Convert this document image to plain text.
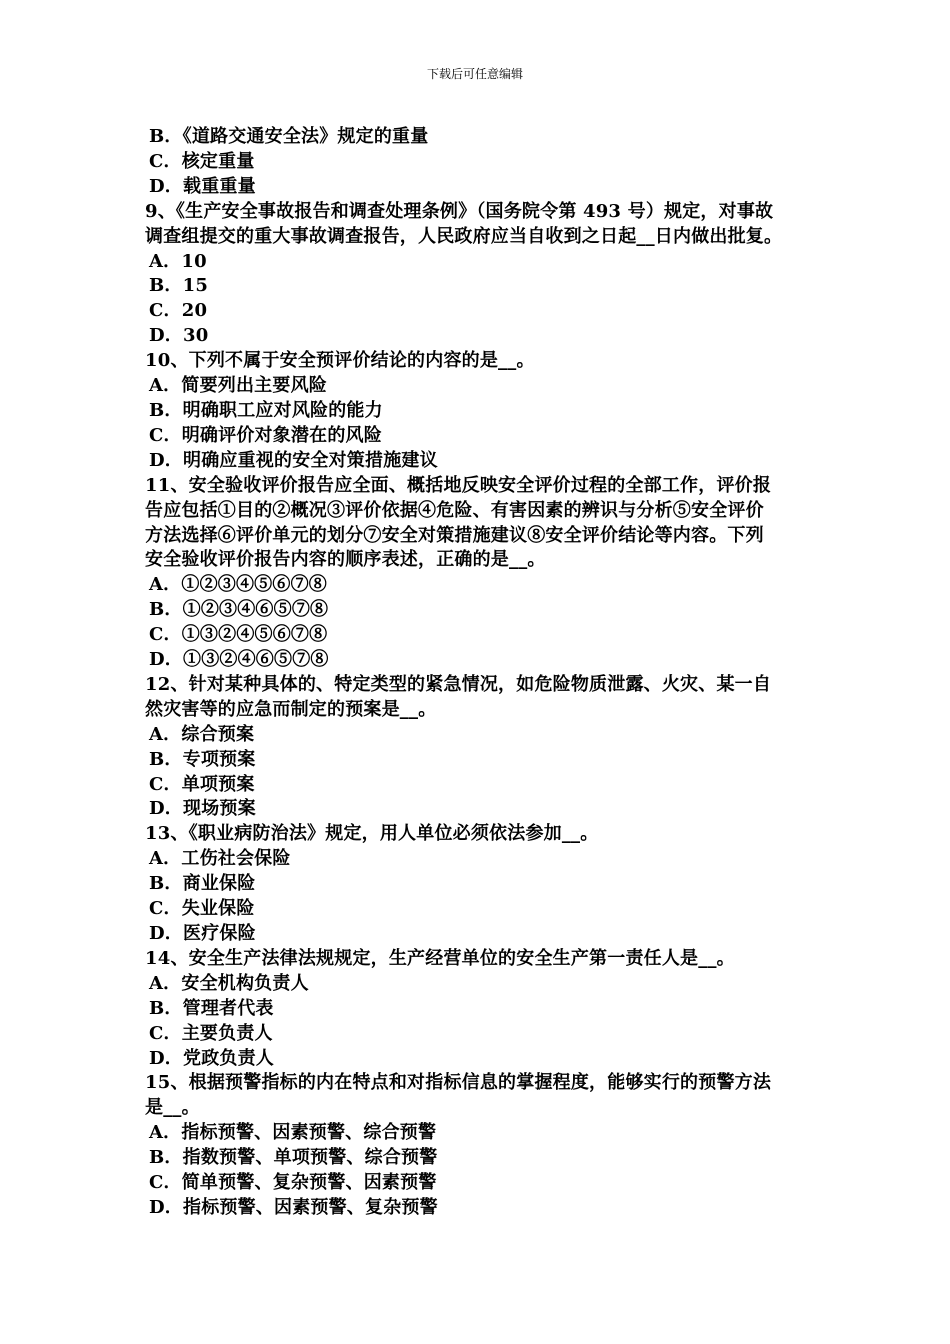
下载后可任意编辑
B．《道路交通安全法》规定的重量
C．核定重量
D．载重重量
9、《生产安全事故报告和调查处理条例》（国务院令第 493 号）规定，对事故
调查组提交的重大事故调查报告，人民政府应当自收到之日起__日内做出批复。
A．10
B．15
C．20
D．30
10、下列不属于安全预评价结论的内容的是__。
A．简要列出主要风险
B．明确职工应对风险的能力
C．明确评价对象潜在的风险
D．明确应重视的安全对策措施建议
11、安全验收评价报告应全面、概括地反映安全评价过程的全部工作，评价报
告应包括①目的②概况③评价依据④危险、有害因素的辨识与分析⑤安全评价
方法选择⑥评价单元的划分⑦安全对策措施建议⑧安全评价结论等内容。下列
安全验收评价报告内容的顺序表述，正确的是__。
A．①②③④⑤⑥⑦⑧
B．①②③④⑥⑤⑦⑧
C．①③②④⑤⑥⑦⑧
D．①③②④⑥⑤⑦⑧
12、针对某种具体的、特定类型的紧急情况，如危险物质泄露、火灾、某一自
然灾害等的应急而制定的预案是__。
A．综合预案
B．专项预案
C．单项预案
D．现场预案
13、《职业病防治法》规定，用人单位必须依法参加__。
A．工伤社会保险
B．商业保险
C．失业保险
D．医疗保险
14、安全生产法律法规规定，生产经营单位的安全生产第一责任人是__。
A．安全机构负责人
B．管理者代表
C．主要负责人
D．党政负责人
15、根据预警指标的内在特点和对指标信息的掌握程度，能够实行的预警方法
是__。
A．指标预警、因素预警、综合预警
B．指数预警、单项预警、综合预警
C．简单预警、复杂预警、因素预警
D．指标预警、因素预警、复杂预警
